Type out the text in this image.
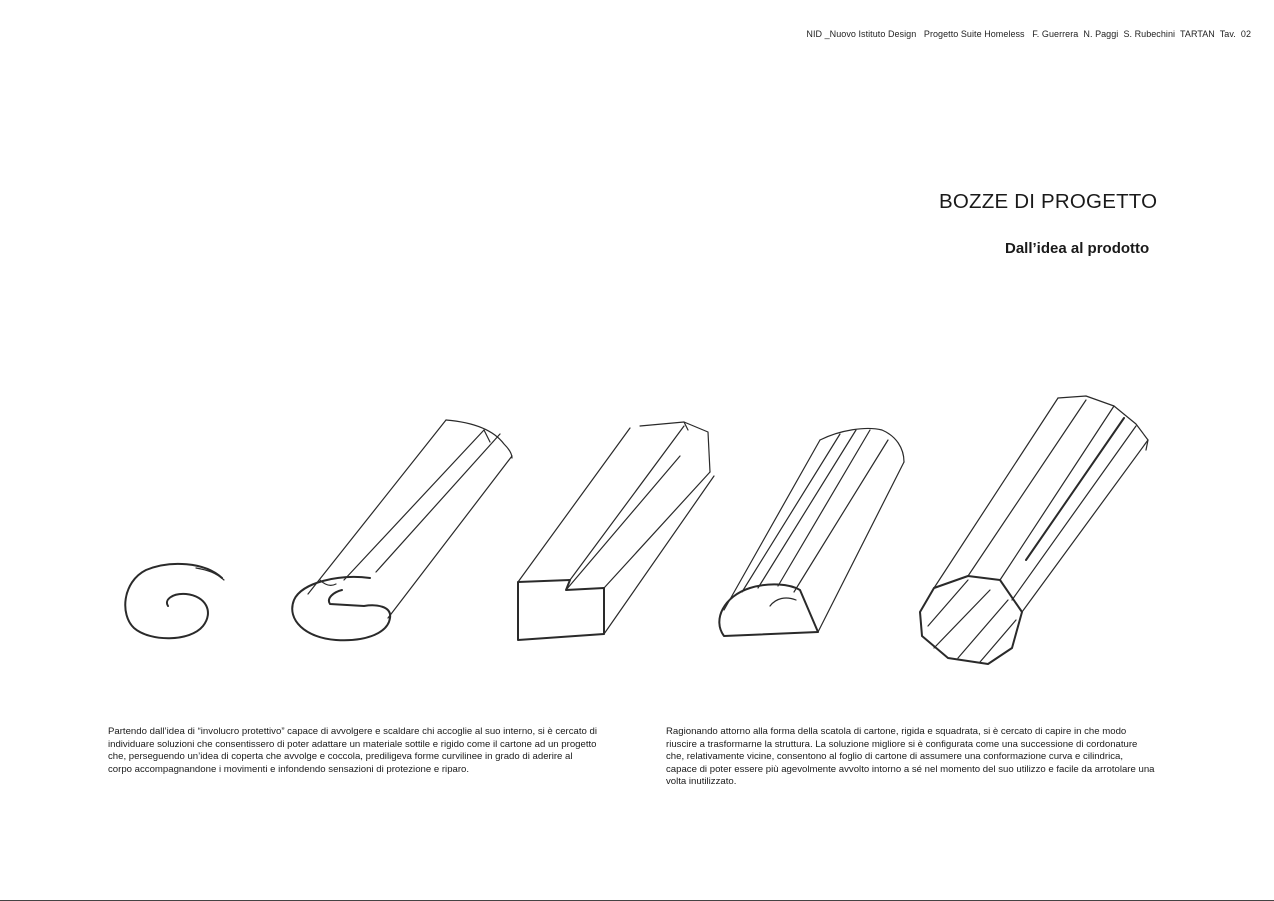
NID _Nuovo Istituto Design   Progetto Suite Homeless   F. Guerrera  N. Paggi  S. Rubechini  TARTAN  Tav.  02
BOZZE DI PROGETTO
Dall’idea al prodotto

Partendo dall’idea di “involucro protettivo” capace di avvolgere e scaldare chi accoglie al suo interno, si è cercato di individuare soluzioni che consentissero di poter adattare un materiale sottile e rigido come il cartone ad un progetto che, perseguendo un’idea di coperta che avvolge e coccola, prediligeva forme curvilinee in grado di aderire al corpo accompagnandone i movimenti e infondendo sensazioni di protezione e riparo.

Ragionando attorno alla forma della scatola di cartone, rigida e squadrata, si è cercato di capire in che modo riuscire a trasformarne la struttura. La soluzione migliore si è configurata come una successione di cordonature che, relativamente vicine, consentono al foglio di cartone di assumere una conformazione curva e cilindrica, capace di poter essere più agevolmente avvolto intorno a sé nel momento del suo utilizzo e facile da arrotolare una volta inutilizzato.
